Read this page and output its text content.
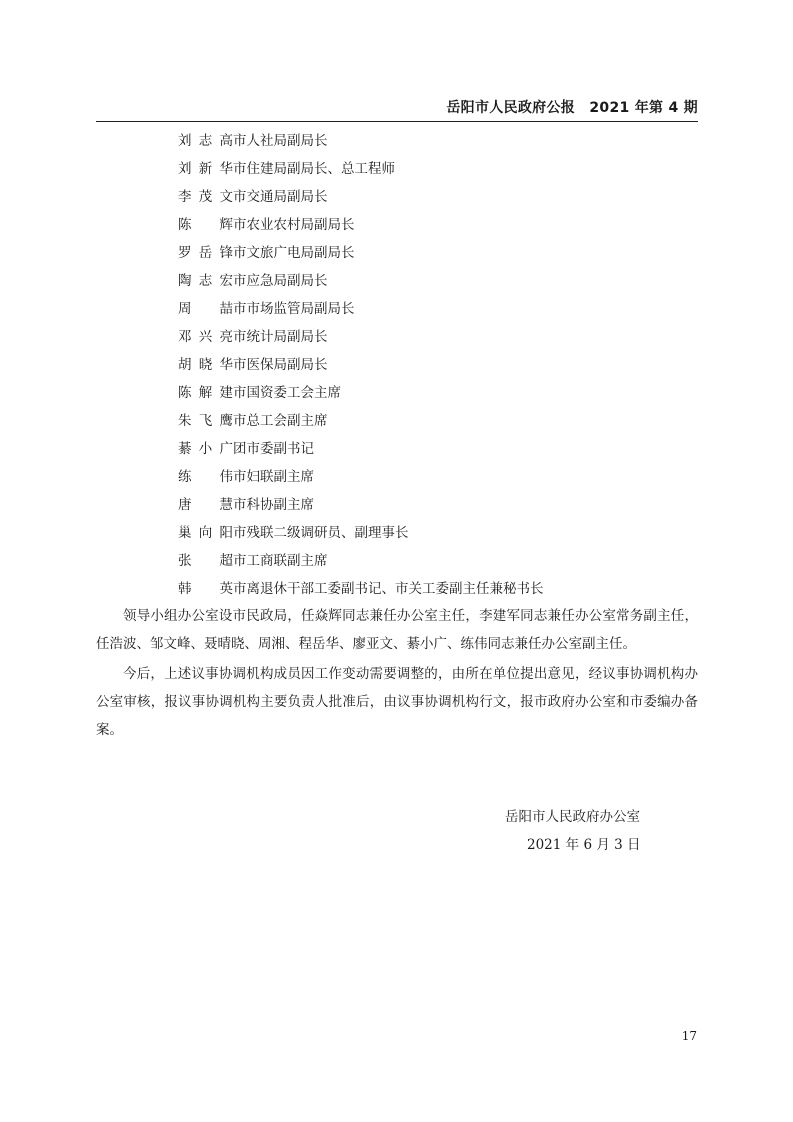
岳阳市人民政府公报　2021 年第 4 期
刘志高市人社局副局长
刘新华市住建局副局长、总工程师
李茂文市交通局副局长
陈辉市农业农村局副局长
罗岳锋市文旅广电局副局长
陶志宏市应急局副局长
周喆市市场监管局副局长
邓兴亮市统计局副局长
胡晓华市医保局副局长
陈解建市国资委工会主席
朱飞鹰市总工会副主席
綦小广团市委副书记
练伟市妇联副主席
唐慧市科协副主席
巢向阳市残联二级调研员、副理事长
张超市工商联副主席
韩英市离退休干部工委副书记、市关工委副主任兼秘书长

领导小组办公室设市民政局，任焱辉同志兼任办公室主任，李建军同志兼任办公室常务副主任，任浩波、邹文峰、聂晴晓、周湘、程岳华、廖亚文、綦小广、练伟同志兼任办公室副主任。

今后，上述议事协调机构成员因工作变动需要调整的，由所在单位提出意见，经议事协调机构办公室审核，报议事协调机构主要负责人批准后，由议事协调机构行文，报市政府办公室和市委编办备案。

岳阳市人民政府办公室
2021 年 6 月 3 日
17
